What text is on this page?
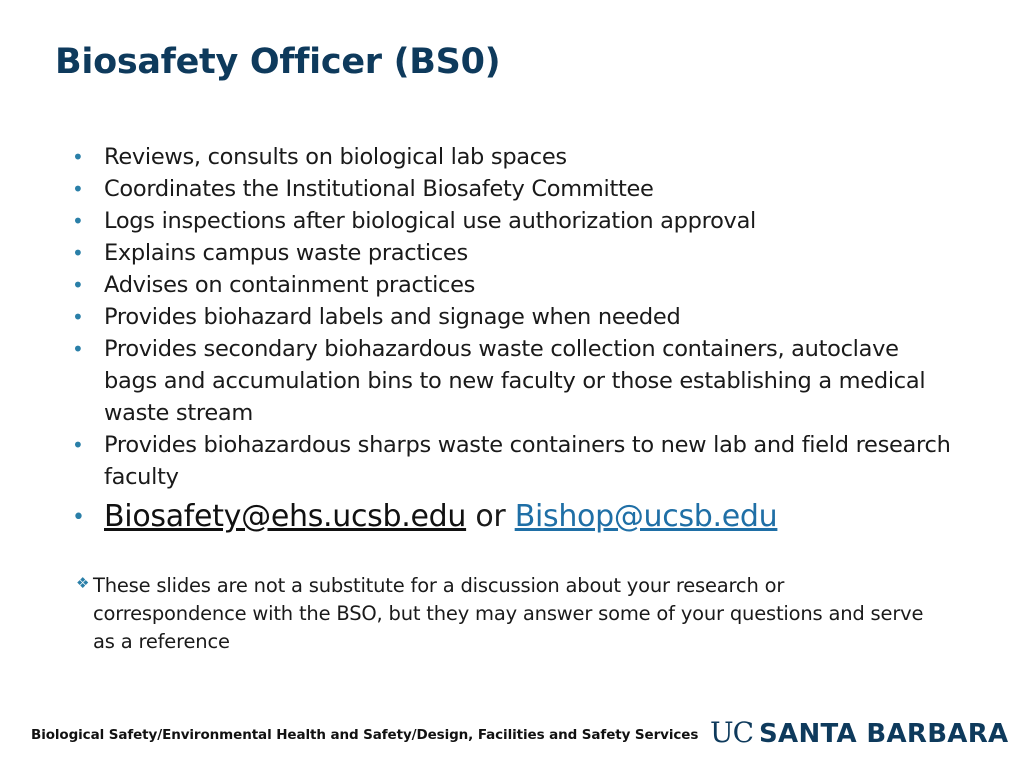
Biosafety Officer (BS0)
• Reviews, consults on biological lab spaces
• Coordinates the Institutional Biosafety Committee
• Logs inspections after biological use authorization approval
• Explains campus waste practices
• Advises on containment practices
• Provides biohazard labels and signage when needed
• Provides secondary biohazardous waste collection containers, autoclave bags and accumulation bins to new faculty or those establishing a medical waste stream
• Provides biohazardous sharps waste containers to new lab and field research faculty
• Biosafety@ehs.ucsb.edu or Bishop@ucsb.edu
❖ These slides are not a substitute for a discussion about your research or correspondence with the BSO, but they may answer some of your questions and serve as a reference
Biological Safety/Environmental Health and Safety/Design, Facilities and Safety Services UC SANTA BARBARA
